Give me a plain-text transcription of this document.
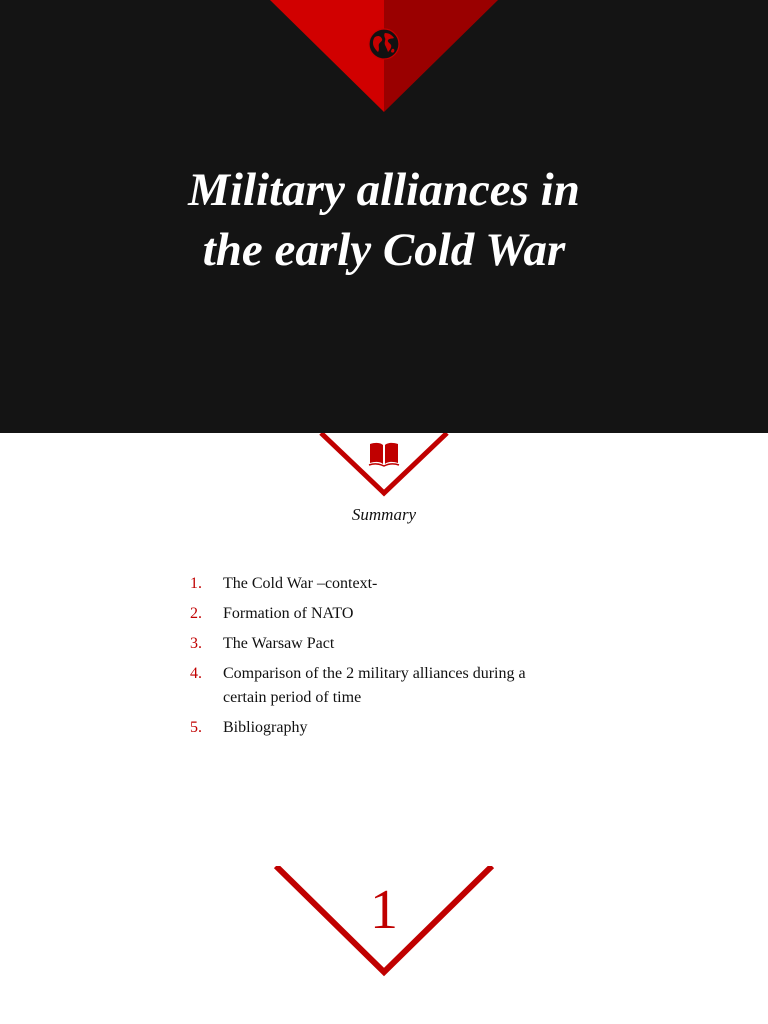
Military alliances in
the early Cold War
Summary
1.	The Cold War –context-
2.	Formation of NATO
3.	The Warsaw Pact
4.	Comparison of the 2 military alliances during a certain period of time
5.	Bibliography
1
